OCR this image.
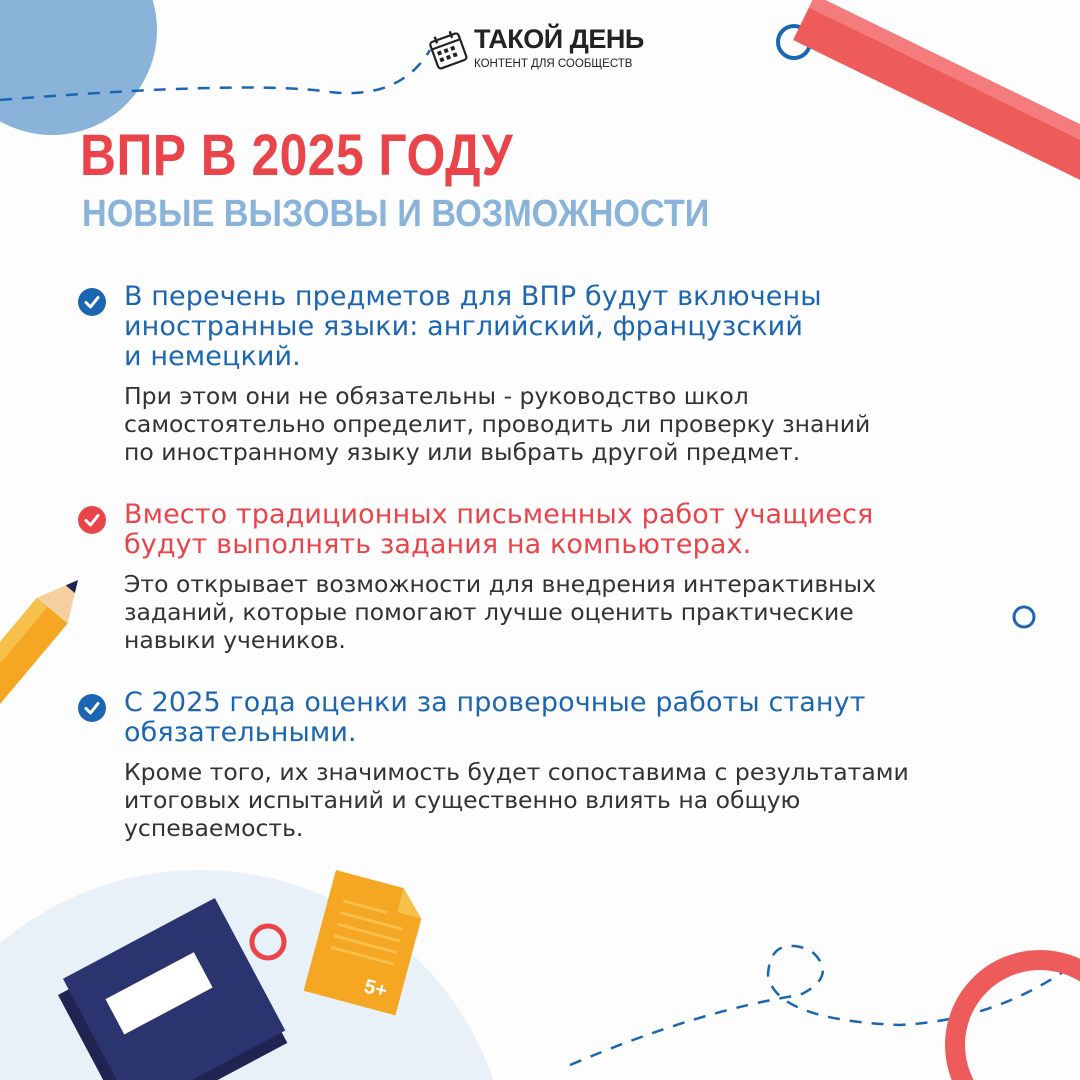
5+
ТАКОЙ ДЕНЬ
КОНТЕНТ ДЛЯ СООБЩЕСТВ
ВПР В 2025 ГОДУ
НОВЫЕ ВЫЗОВЫ И ВОЗМОЖНОСТИ

В перечень предметов для ВПР будут включены
иностранные языки: английский, французский
и немецкий.

При этом они не обязательны - руководство школ
самостоятельно определит, проводить ли проверку знаний
по иностранному языку или выбрать другой предмет.

Вместо традиционных письменных работ учащиеся
будут выполнять задания на компьютерах.

Это открывает возможности для внедрения интерактивных
заданий, которые помогают лучше оценить практические
навыки учеников.

С 2025 года оценки за проверочные работы станут
обязательными.

Кроме того, их значимость будет сопоставима с результатами
итоговых испытаний и существенно влиять на общую
успеваемость.
